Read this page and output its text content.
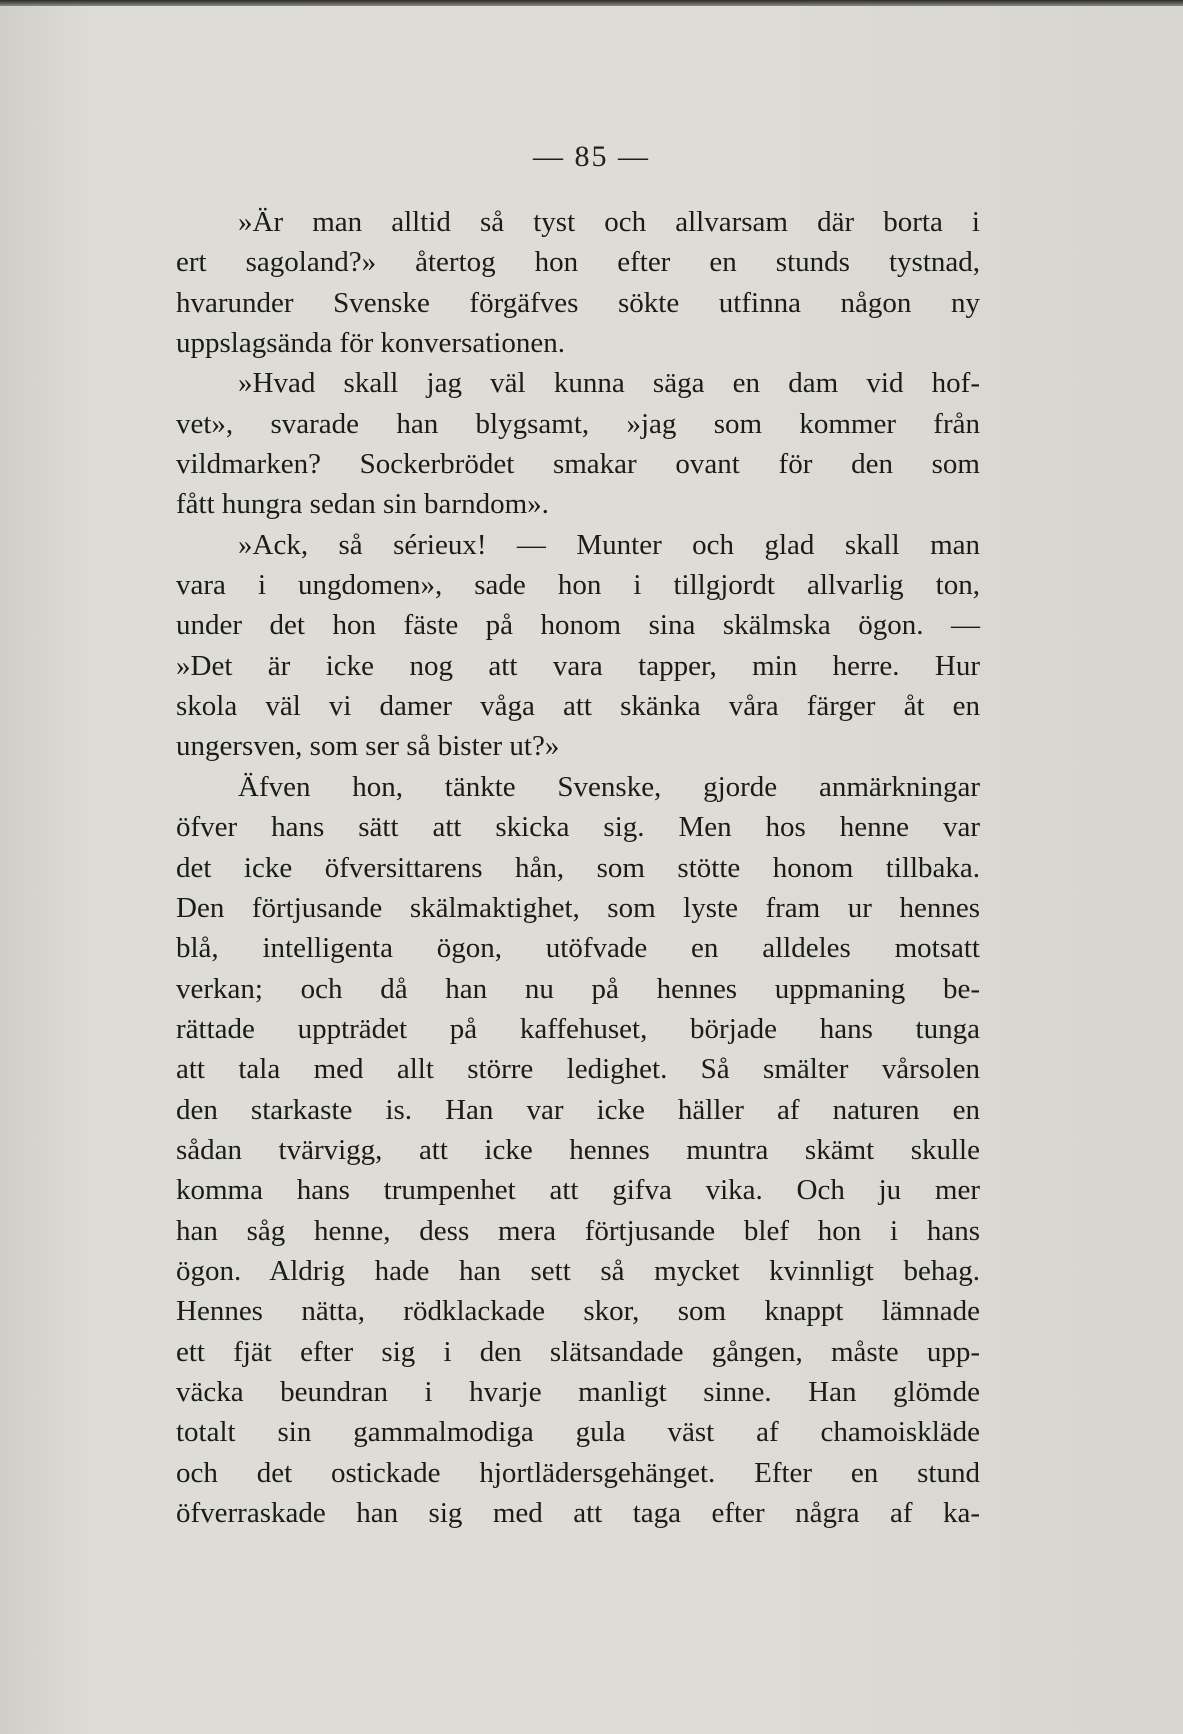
— 85 —
»Är man alltid så tyst och allvarsam där borta i
ert sagoland?» återtog hon efter en stunds tystnad,
hvarunder Svenske förgäfves sökte utfinna någon ny
uppslagsända för konversationen.
»Hvad skall jag väl kunna säga en dam vid hof-
vet», svarade han blygsamt, »jag som kommer från
vildmarken? Sockerbrödet smakar ovant för den som
fått hungra sedan sin barndom».
»Ack, så sérieux! — Munter och glad skall man
vara i ungdomen», sade hon i tillgjordt allvarlig ton,
under det hon fäste på honom sina skälmska ögon. —
»Det är icke nog att vara tapper, min herre. Hur
skola väl vi damer våga att skänka våra färger åt en
ungersven, som ser så bister ut?»
Äfven hon, tänkte Svenske, gjorde anmärkningar
öfver hans sätt att skicka sig. Men hos henne var
det icke öfversittarens hån, som stötte honom tillbaka.
Den förtjusande skälmaktighet, som lyste fram ur hennes
blå, intelligenta ögon, utöfvade en alldeles motsatt
verkan; och då han nu på hennes uppmaning be-
rättade uppträdet på kaffehuset, började hans tunga
att tala med allt större ledighet. Så smälter vårsolen
den starkaste is. Han var icke häller af naturen en
sådan tvärvigg, att icke hennes muntra skämt skulle
komma hans trumpenhet att gifva vika. Och ju mer
han såg henne, dess mera förtjusande blef hon i hans
ögon. Aldrig hade han sett så mycket kvinnligt behag.
Hennes nätta, rödklackade skor, som knappt lämnade
ett fjät efter sig i den slätsandade gången, måste upp-
väcka beundran i hvarje manligt sinne. Han glömde
totalt sin gammalmodiga gula väst af chamoiskläde
och det ostickade hjortlädersgehänget. Efter en stund
öfverraskade han sig med att taga efter några af ka-
